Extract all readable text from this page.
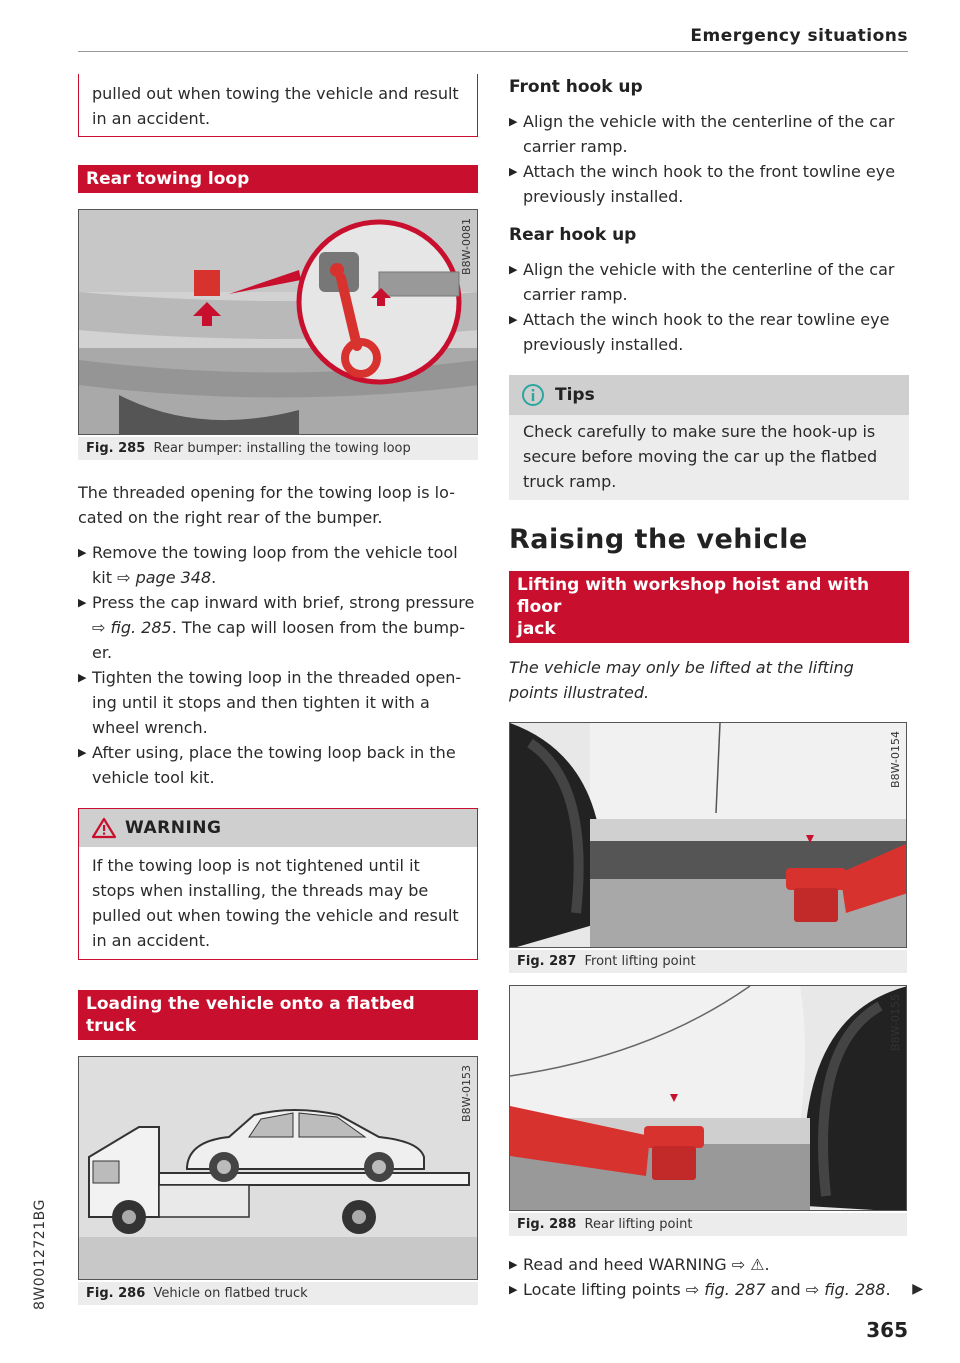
Emergency situations
8W0012721BG
pulled out when towing the vehicle and result in an accident.
Rear towing loop
B8W-0081
Fig. 285 Rear bumper: installing the towing loop
The threaded opening for the towing loop is lo-
cated on the right rear of the bumper.
▶ Remove the towing loop from the vehicle tool
kit ⇨ page 348.
▶ Press the cap inward with brief, strong pressure
⇨ fig. 285. The cap will loosen from the bump-
er.
▶ Tighten the towing loop in the threaded open-
ing until it stops and then tighten it with a
wheel wrench.
▶ After using, place the towing loop back in the
vehicle tool kit.
WARNING
If the towing loop is not tightened until it
stops when installing, the threads may be
pulled out when towing the vehicle and result
in an accident.
Loading the vehicle onto a flatbed truck
B8W-0153
Fig. 286 Vehicle on flatbed truck
Front hook up
▶ Align the vehicle with the centerline of the car
carrier ramp.
▶ Attach the winch hook to the front towline eye
previously installed.
Rear hook up
▶ Align the vehicle with the centerline of the car
carrier ramp.
▶ Attach the winch hook to the rear towline eye
previously installed.
Tips
Check carefully to make sure the hook-up is
secure before moving the car up the flatbed
truck ramp.
Raising the vehicle
Lifting with workshop hoist and with floor
jack
The vehicle may only be lifted at the lifting
points illustrated.
B8W-0154
Fig. 287 Front lifting point
B8W-0155
Fig. 288 Rear lifting point
▶ Read and heed WARNING ⇨ ⚠.
▶ Locate lifting points ⇨ fig. 287 and ⇨ fig. 288. ▶
365
